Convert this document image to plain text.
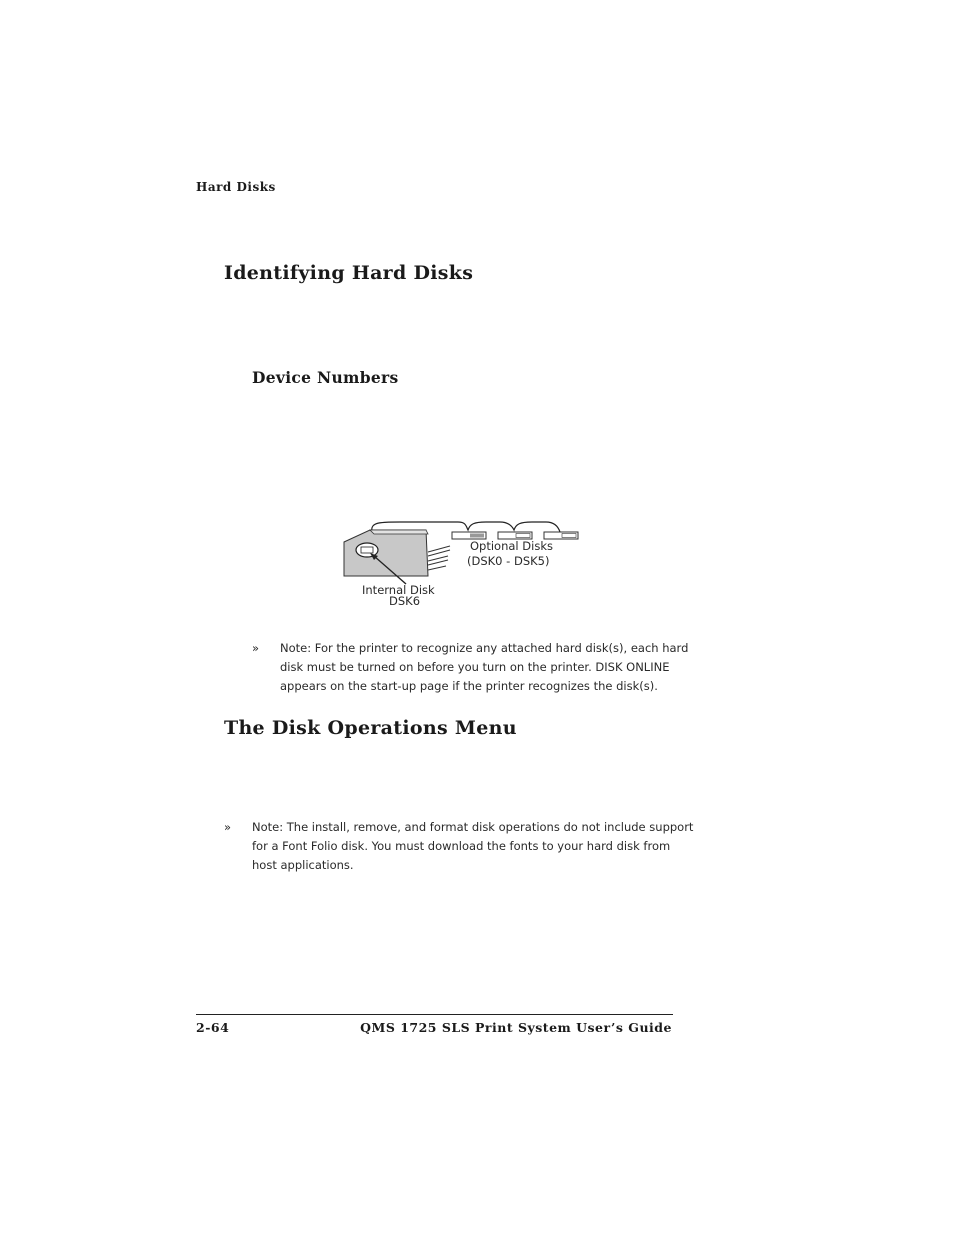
Hard Disks
Identifying Hard Disks
Device Numbers
Optional Disks
(DSK0 - DSK5)
Internal Disk
DSK6
» Note: For the printer to recognize any attached hard disk(s), each hard
disk must be turned on before you turn on the printer. DISK ONLINE
appears on the start-up page if the printer recognizes the disk(s).
The Disk Operations Menu
» Note: The install, remove, and format disk operations do not include support
for a Font Folio disk. You must download the fonts to your hard disk from
host applications.
2-64	QMS 1725 SLS Print System User’s Guide
